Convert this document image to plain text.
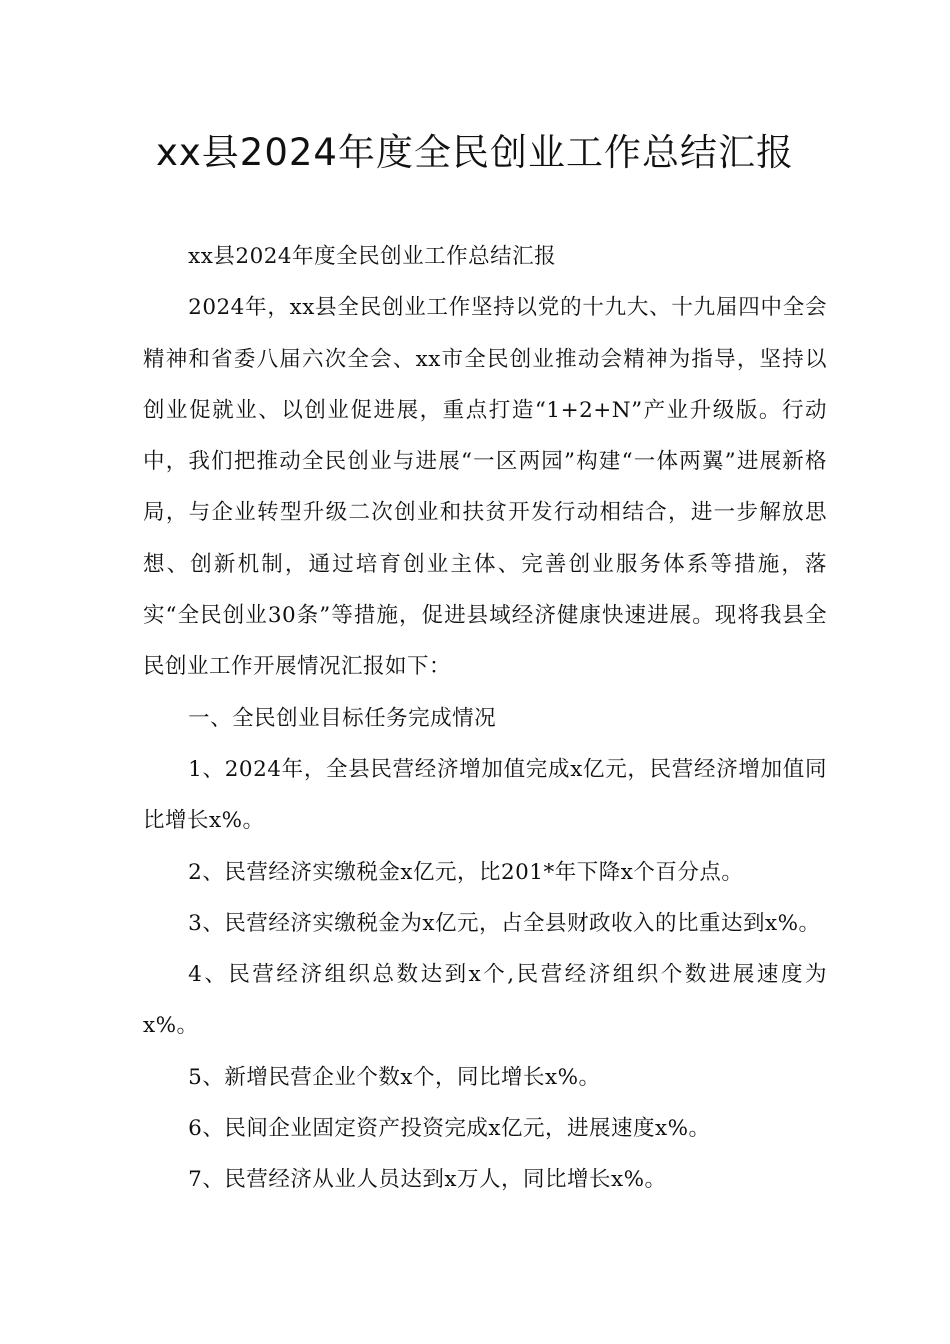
xx县2024年度全民创业工作总结汇报

xx县2024年度全民创业工作总结汇报

2024年，xx县全民创业工作坚持以党的十九大、十九届四中全会精神和省委八届六次全会、xx市全民创业推动会精神为指导，坚持以创业促就业、以创业促进展，重点打造“1+2+N”产业升级版。行动中，我们把推动全民创业与进展“一区两园”构建“一体两翼”进展新格局，与企业转型升级二次创业和扶贫开发行动相结合，进一步解放思想、创新机制，通过培育创业主体、完善创业服务体系等措施，落实“全民创业30条”等措施，促进县域经济健康快速进展。现将我县全民创业工作开展情况汇报如下：

一、全民创业目标任务完成情况

1、2024年，全县民营经济增加值完成x亿元，民营经济增加值同比增长x%。

2、民营经济实缴税金x亿元，比201*年下降x个百分点。

3、民营经济实缴税金为x亿元，占全县财政收入的比重达到x%。

4、民营经济组织总数达到x个,民营经济组织个数进展速度为x%。

5、新增民营企业个数x个，同比增长x%。

6、民间企业固定资产投资完成x亿元，进展速度x%。

7、民营经济从业人员达到x万人，同比增长x%。
